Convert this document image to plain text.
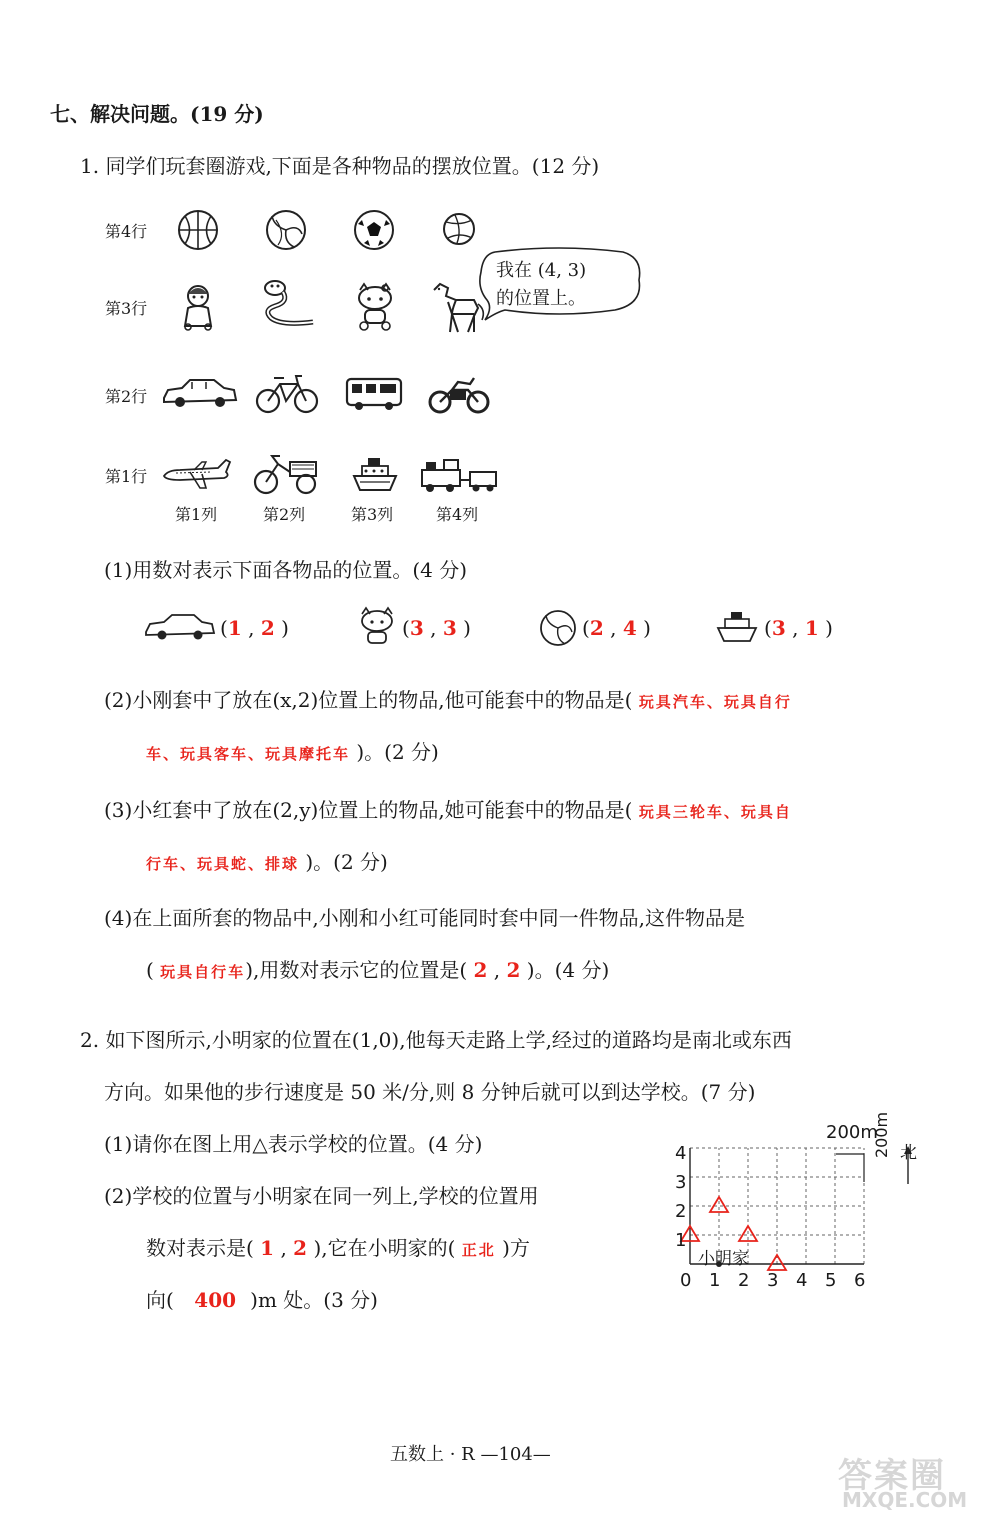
七、解决问题。(19 分)
1. 同学们玩套圈游戏,下面是各种物品的摆放位置。(12 分)
第4行
第3行
第2行
第1行
我在 (4, 3)
的位置上。
第1列	第2列	第3列	第4列
(1)用数对表示下面各物品的位置。(4 分)
(1 , 2 )	(3 , 3 )	(2 , 4 )	(3 , 1 )
(2)小刚套中了放在(x,2)位置上的物品,他可能套中的物品是( 玩具汽车、玩具自行
车、玩具客车、玩具摩托车 )。(2 分)
(3)小红套中了放在(2,y)位置上的物品,她可能套中的物品是( 玩具三轮车、玩具自
行车、玩具蛇、排球 )。(2 分)
(4)在上面所套的物品中,小刚和小红可能同时套中同一件物品,这件物品是
( 玩具自行车),用数对表示它的位置是( 2 , 2 )。(4 分)
2. 如下图所示,小明家的位置在(1,0),他每天走路上学,经过的道路均是南北或东西
方向。如果他的步行速度是 50 米/分,则 8 分钟后就可以到达学校。(7 分)
(1)请你在图上用△表示学校的位置。(4 分)
(2)学校的位置与小明家在同一列上,学校的位置用
数对表示是( 1 , 2 ),它在小明家的( 正北 )方
向( 400 )m 处。(3 分)
200m
200m 北
小明家
0 1 2 3 4 5 6
1
2
3
4
五数上 · R —104—
答案圈
MXQE.COM
